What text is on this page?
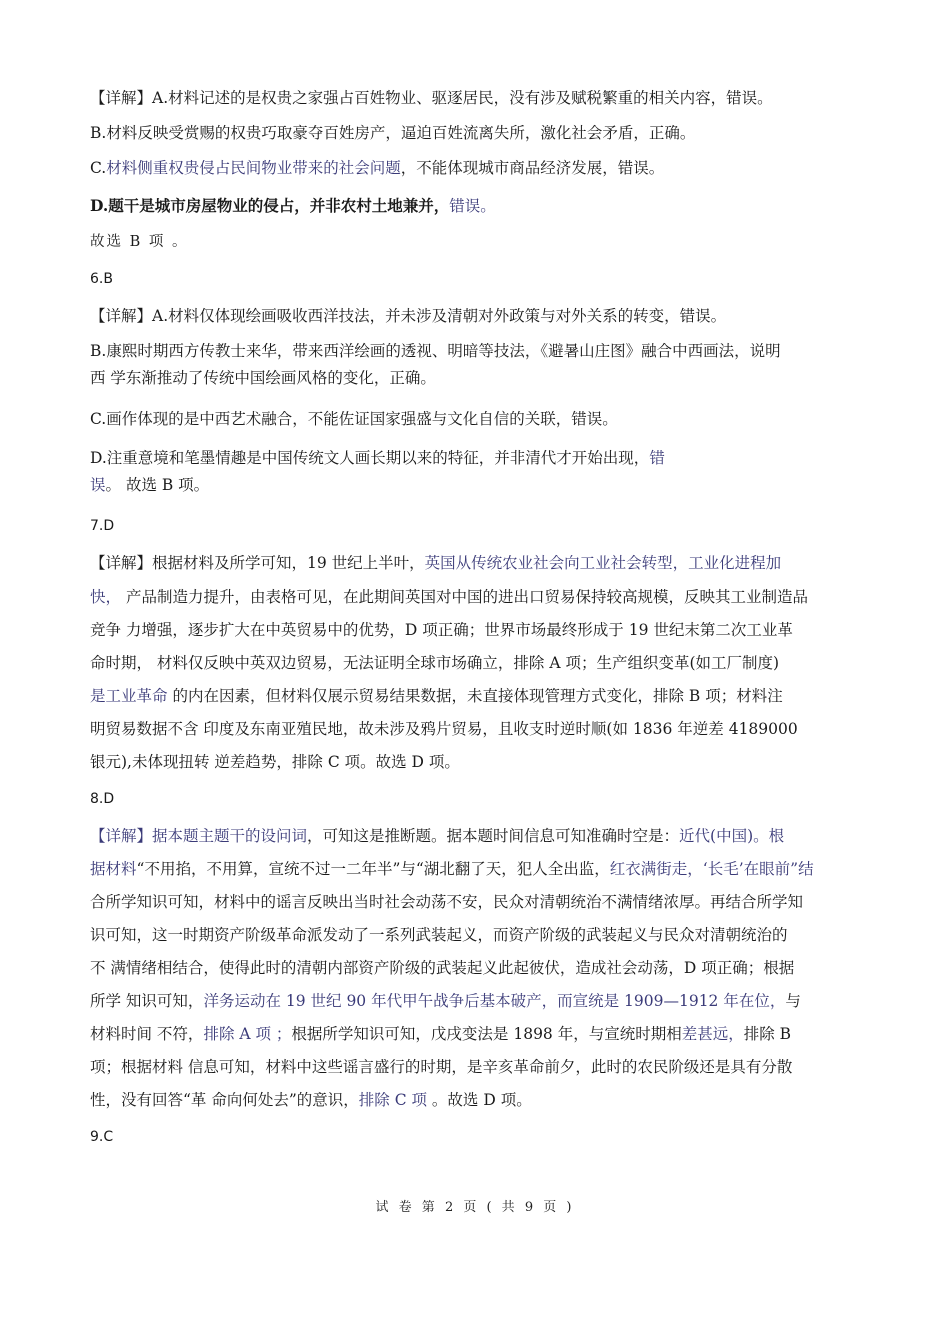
【详解】A.材料记述的是权贵之家强占百姓物业、驱逐居民，没有涉及赋税繁重的相关内容，错误。
B.材料反映受赏赐的权贵巧取豪夺百姓房产，逼迫百姓流离失所，激化社会矛盾，正确。
C.材料侧重权贵侵占民间物业带来的社会问题，不能体现城市商品经济发展，错误。
D.题干是城市房屋物业的侵占，并非农村土地兼并，错误。
故选 B 项 。
6.B
【详解】A.材料仅体现绘画吸收西洋技法，并未涉及清朝对外政策与对外关系的转变，错误。
B.康熙时期西方传教士来华，带来西洋绘画的透视、明暗等技法，《避暑山庄图》融合中西画法，说明
西 学东渐推动了传统中国绘画风格的变化，正确。
C.画作体现的是中西艺术融合，不能佐证国家强盛与文化自信的关联，错误。
D.注重意境和笔墨情趣是中国传统文人画长期以来的特征，并非清代才开始出现，错
误。 故选 B 项。
7.D
【详解】根据材料及所学可知，19 世纪上半叶，英国从传统农业社会向工业社会转型，工业化进程加
快， 产品制造力提升，由表格可见，在此期间英国对中国的进出口贸易保持较高规模，反映其工业制造品
竞争 力增强，逐步扩大在中英贸易中的优势，D 项正确；世界市场最终形成于 19 世纪末第二次工业革
命时期， 材料仅反映中英双边贸易，无法证明全球市场确立，排除 A 项；生产组织变革(如工厂制度)
是工业革命 的内在因素，但材料仅展示贸易结果数据，未直接体现管理方式变化，排除 B 项；材料注
明贸易数据不含 印度及东南亚殖民地，故未涉及鸦片贸易，且收支时逆时顺(如 1836 年逆差 4189000
银元),未体现扭转 逆差趋势，排除 C 项。故选 D 项。
8.D
【详解】据本题主题干的设问词，可知这是推断题。据本题时间信息可知准确时空是：近代(中国)。根
据材料“不用掐，不用算，宣统不过一二年半”与“湖北翻了天，犯人全出监，红衣满街走，‘长毛’在眼前”结
合所学知识可知，材料中的谣言反映出当时社会动荡不安，民众对清朝统治不满情绪浓厚。再结合所学知
识可知，这一时期资产阶级革命派发动了一系列武装起义，而资产阶级的武装起义与民众对清朝统治的
不 满情绪相结合，使得此时的清朝内部资产阶级的武装起义此起彼伏，造成社会动荡，D 项正确；根据
所学 知识可知，洋务运动在 19 世纪 90 年代甲午战争后基本破产，而宣统是 1909—1912 年在位，与
材料时间 不符，排除 A 项 ；根据所学知识可知，戊戌变法是 1898 年，与宣统时期相差甚远，排除 B
项；根据材料 信息可知，材料中这些谣言盛行的时期，是辛亥革命前夕，此时的农民阶级还是具有分散
性，没有回答“革 命向何处去”的意识，排除 C 项 。故选 D 项。
9.C
试 卷 第 2 页 ( 共 9 页 )
